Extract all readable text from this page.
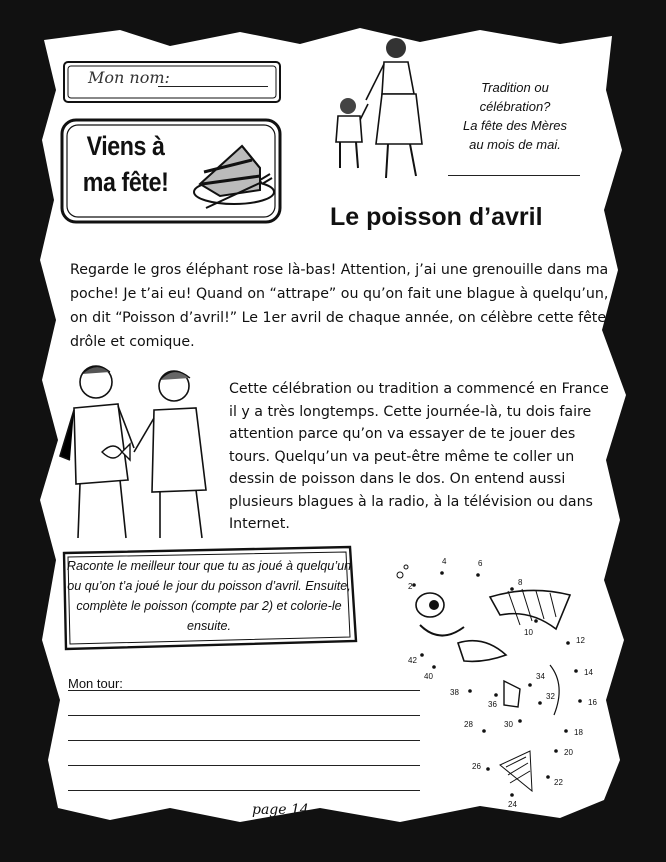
Mon nom:
Viens à
ma fête!
Tradition ou
célébration?
La fête des Mères
au mois de mai.
Le poisson d’avril
Regarde le gros éléphant rose là-bas! Attention, j’ai une grenouille dans ma poche! Je t’ai eu! Quand on “attrape” ou qu’on fait une blague à quelqu’un, on dit “Poisson d’avril!” Le 1er avril de chaque année, on célèbre cette fête drôle et comique.
Cette célébration ou tradition a commencé en France il y a très longtemps. Cette journée-là, tu dois faire attention parce qu’on va essayer de te jouer des tours. Quelqu’un va peut-être même te coller un dessin de poisson dans le dos. On entend aussi plusieurs blagues à la radio, à la télévision ou dans Internet.
Raconte le meilleur tour que tu as joué à quelqu’un ou qu’on t’a joué le jour du poisson d’avril. Ensuite, complète le poisson (compte par 2) et colorie-le ensuite.
Mon tour:
2
4	6
8
10
12
14
16
18
20
22
24
26
28	30
32
34
36
38
40
42
page 14
